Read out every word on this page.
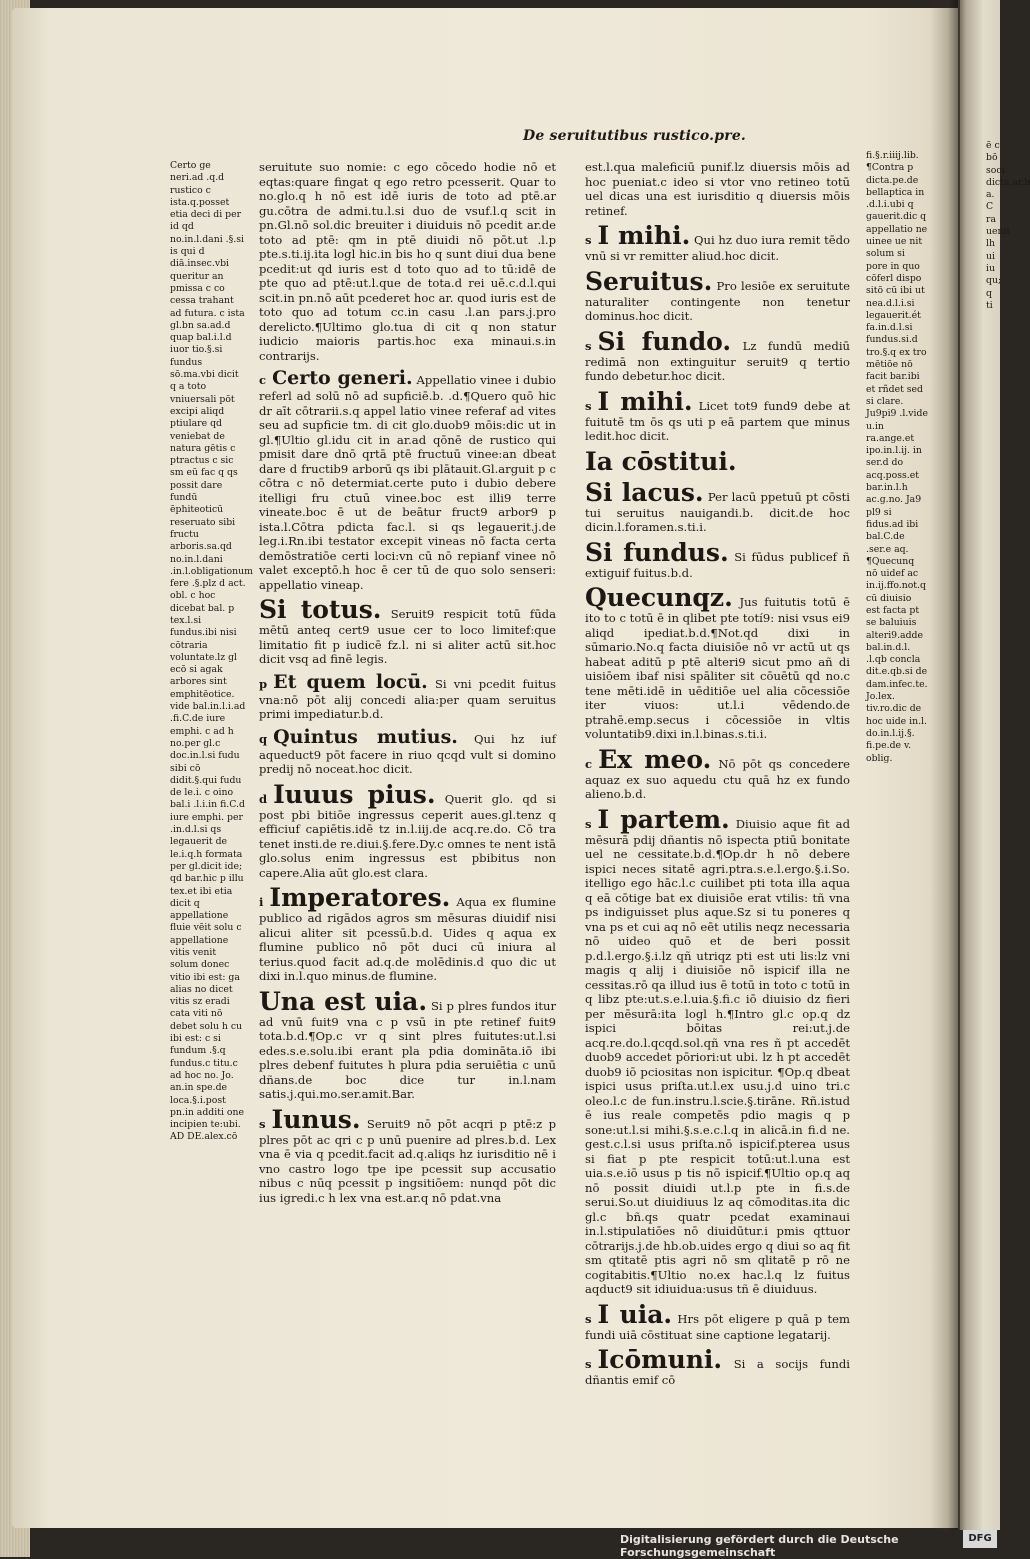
De seruitutibus rustico.pre.

Certo ge neri.ad .q.d rustico c ista.q.posset etia deci di per id qd no.in.l.dani .§.si is qui d diā.insec.vbi queritur an pmissa c co cessa trahant ad futura. c ista gl.bn sa.ad.d quap bal.i.l.d iuor tio.§.si fundus sō.ma.vbi dicit q a toto vniuersali pōt excipi aliqd ptiulare qd veniebat de natura gētis c ptractus c sic sm eū fac q qs possit dare fundū ēphiteoticū reseruato sibi fructu arboris.sa.qd no.in.l.dani .in.l.obligationum fere .§.plz d act. obl. c hoc dicebat bal. p tex.l.si fundus.ibi nisi cōtraria voluntate.lz gl ecō si agak arbores sint emphitēotice. vide bal.in.l.i.ad .fi.C.de iure emphi. c ad h no.per gl.c doc.in.l.si fudu sibi cō didit.§.qui fudu de le.i. c oino bal.i .l.i.in fi.C.d iure emphi. per .in.d.l.si qs legauerit de le.i.q.h formata per gl.dicit ide; qd bar.hic p illu tex.et ibi etia dicit q appellatione fluie vēit solu c appellatione vitis venit solum donec vitio ibi est: ga alias no dicet vitis sz eradi cata viti nō debet solu h cu ibi est: c si fundum .§.q fundus.c titu.c ad hoc no. Jo. an.in spe.de loca.§.i.post pn.in additi one incipien te:ubi. AD DE.alex.cō

seruitute suo nomie: c ego cōcedo hodie nō et eqtas:quare fingat q ego retro pcesserit. Quar to no.glo.q h nō est idē iuris de toto ad ptē.ar gu.cōtra de admi.tu.l.si duo de vsuf.l.q scit in pn.Gl.nō sol.dic breuiter i diuiduis nō pcedit ar.de toto ad ptē: qm in ptē diuidi nō pōt.ut .l.p pte.s.ti.ij.ita logl hic.in bis ho q sunt diui dua bene pcedit:ut qd iuris est d toto quo ad to tū:idē de pte quo ad ptē:ut.l.que de tota.d rei uē.c.d.l.qui scit.in pn.nō aūt pcederet hoc ar. quod iuris est de toto quo ad totum cc.in casu .l.an pars.j.pro derelicto.¶Ultimo glo.tua di cit q non statur iudicio maioris partis.hoc exa minaui.s.in contrarijs.

c Certo generi. Appellatio vinee i dubio referl ad solū nō ad supficiē.b. .d.¶Quero quō hic dr aīt cōtrarii.s.q appel latio vinee referaf ad vites seu ad supficie tm. di cit glo.duob9 mōis:dic ut in gl.¶Ultio gl.idu cit in ar.ad qōnē de rustico qui pmisit dare dnō qrtā ptē fructuū vinee:an dbeat dare d fructib9 arborū qs ibi plātauit.Gl.arguit p c cōtra c nō determiat.certe puto i dubio debere itelligi fru ctuū vinee.boc est illi9 terre vineate.boc ē ut de beātur fruct9 arbor9 p ista.l.Cōtra pdicta fac.l. si qs legauerit.j.de leg.i.Rn.ibi testator excepit vineas nō facta certa demōstratiōe certi loci:vn cū nō repianf vinee nō valet exceptō.h hoc ē cer tū de quo solo senseri: appellatio vineap.

Si totus. Seruit9 respicit totū fūda mētū anteq cert9 usue cer to loco limitef:que limitatio fit p iudicē fz.l. ni si aliter actū sit.hoc dicit vsq ad finē legis.

p Et quem locū. Si vni pcedit fuitus vna:nō pōt alij concedi alia:per quam seruitus primi impediatur.b.d.

q Quintus mutius. Qui hz iuf aqueduct9 pōt facere in riuo qcqd vult si domino predij nō noceat.hoc dicit.

d Iuuus pius. Querit glo. qd si post pbi bitiōe ingressus ceperit aues.gl.tenz q efficiuf capiētis.idē tz in.l.iij.de acq.re.do. Cō tra tenet insti.de re.diui.§.fere.Dy.c omnes te nent istā glo.solus enim ingressus est pbibitus non capere.Alia aūt glo.est clara.

i Imperatores. Aqua ex flumine publico ad rigādos agros sm mēsuras diuidif nisi alicui aliter sit pcessū.b.d. Uides q aqua ex flumine publico nō pōt duci cū iniura al terius.quod facit ad.q.de molēdinis.d quo dic ut dixi in.l.quo minus.de flumine.

Una est uia. Si p plres fundos itur ad vnū fuit9 vna c p vsū in pte retinef fuit9 tota.b.d.¶Op.c vr q sint plres fuitutes:ut.l.si edes.s.e.solu.ibi erant pla pdia domināta.iō ibi plres debenf fuitutes h plura pdia seruiētia c unū dñans.de boc dice tur in.l.nam satis.j.qui.mo.ser.amit.Bar.

s Iunus. Seruit9 nō pōt acqri p ptē:z p plres pōt ac qri c p unū puenire ad plres.b.d. Lex vna ē via q pcedit.facit ad.q.aliqs hz iurisditio nē i vno castro logo tpe ipe pcessit sup accusatio nibus c nūq pcessit p ingsitiōem: nunqd pōt dic ius igredi.c h lex vna est.ar.q nō pdat.vna

est.l.qua maleficiū punif.lz diuersis mōis ad hoc pueniat.c ideo si vtor vno retineo totū uel dicas una est iurisditio q diuersis mōis retinef.

s I mihi. Qui hz duo iura remit tēdo vnū si vr remitter aliud.hoc dicit.

Seruitus. Pro lesiōe ex seruitute naturaliter contingente non tenetur dominus.hoc dicit.

s Si fundo. Lz fundū mediū redimā non extinguitur seruit9 q tertio fundo debetur.hoc dicit.

s I mihi. Licet tot9 fund9 debe at fuitutē tm ōs qs uti p eā partem que minus ledit.hoc dicit.

Ia cōstitui.

Si lacus. Per lacū ppetuū pt cōsti tui seruitus nauigandi.b. dicit.de hoc dicin.l.foramen.s.ti.i.

Si fundus. Si fūdus publicef ñ extiguif fuitus.b.d.

Quecunqz. Jus fuitutis totū ē ito to c totū ē in qlibet pte totí9: nisi vsus ei9 aliqd ipediat.b.d.¶Not.qd dixi in sūmario.No.q facta diuisiōe nō vr actū ut qs habeat aditū p ptē alteri9 sicut pmo añ di uisiōem ibaf nisi spāliter sit cōuētū qd no.c tene mēti.idē in uēditiōe uel alia cōcessiōe iter viuos: ut.l.i vēdendo.de ptrahē.emp.secus i cōcessiōe in vltis voluntatib9.dixi in.l.binas.s.ti.i.

c Ex meo. Nō pōt qs concedere aquaz ex suo aquedu ctu quā hz ex fundo alieno.b.d.

s I partem. Diuisio aque fit ad mēsurā pdij dñantis nō ispecta ptiū bonitate uel ne cessitate.b.d.¶Op.dr h nō debere ispici neces sitatē agri.ptra.s.e.l.ergo.§.i.So. itelligo ego hāc.l.c cuilibet pti tota illa aqua q eā cōtige bat ex diuisiōe erat vtilis: tñ vna ps indiguisset plus aque.Sz si tu poneres q vna ps et cui aq nō eēt utilis neqz necessaria nō uideo quō et de beri possit p.d.l.ergo.§.i.lz qñ utriqz pti est uti lis:lz vni magis q alij i diuisiōe nō ispicif illa ne cessitas.rō qa illud ius ē totū in toto c totū in q libz pte:ut.s.e.l.uia.§.fi.c iō diuisio dz fieri per mēsurā:ita logl h.¶Intro gl.c op.q dz ispici bōitas rei:ut.j.de acq.re.do.l.qcqd.sol.qñ vna res ñ pt accedēt duob9 accedet pōriori:ut ubi. lz h pt accedēt duob9 iō pciositas non ispicitur. ¶Op.q dbeat ispici usus priſta.ut.l.ex usu.j.d uino tri.c oleo.l.c de fun.instru.l.scie.§.tirāne. Rñ.istud ē ius reale competēs pdio magis q p sone:ut.l.si mihi.§.s.e.c.l.q in alicā.in fi.d ne. gest.c.l.si usus priſta.nō ispicif.pterea usus si fiat p pte respicit totū:ut.l.una est uia.s.e.iō usus p tis nō ispicif.¶Ultio op.q aq nō possit diuidi ut.l.p pte in fi.s.de serui.So.ut diuidiuus lz aq cōmoditas.ita dic gl.c bñ.qs quatr pcedat examinaui in.l.stipulatiōes nō diuidūtur.i pmis qttuor cōtrarijs.j.de hb.ob.uides ergo q diui so aq fit sm qtitatē ptis agri nō sm qlitatē p rō ne cogitabitis.¶Ultio no.ex hac.l.q lz fuitus aqduct9 sit idiuidua:usus tñ ē diuiduus.

s I uia. Hrs pōt eligere p quā p tem fundi uiā cōstituat sine captione legatarij.

s Icōmuni. Si a socijs fundi dñantis emif cō

fi.§.r.iiij.lib. ¶Contra p dicta.pe.de bellaptica in .d.l.i.ubi q gauerit.dic q appellatio ne uinee ue nit solum si pore in quo cōferl dispo sitō cū ibi ut nea.d.l.i.si legauerit.ét fa.in.d.l.si fundus.si.d tro.§.q ex tro mētiōe nō facit bar.ibi et rñdet sed si clare. Ju9pi9 .l.vide u.in ra.ange.et ipo.in.l.ij. in ser.d do acq.poss.et bar.in.l.h ac.g.no. Ja9 pl9 si fidus.ad ibi bal.C.de .ser.e aq. ¶Quecunq nō uidef ac in.ij.ffo.not.q cū diuisio est facta pt se baluiuis alteri9.adde bal.in.d.l. .l.qb concla dit.e.qb.si de dam.infec.te. Jo.lex. tiv.ro.dic de hoc uide in.l. do.in.l.ij.§. fi.pe.de v. oblig.

ē c bō soci dicta.ar.h a. C ra uenit lh ui iu qu; q ti

Digitalisierung gefördert durch die Deutsche Forschungsgemeinschaft
DFG
